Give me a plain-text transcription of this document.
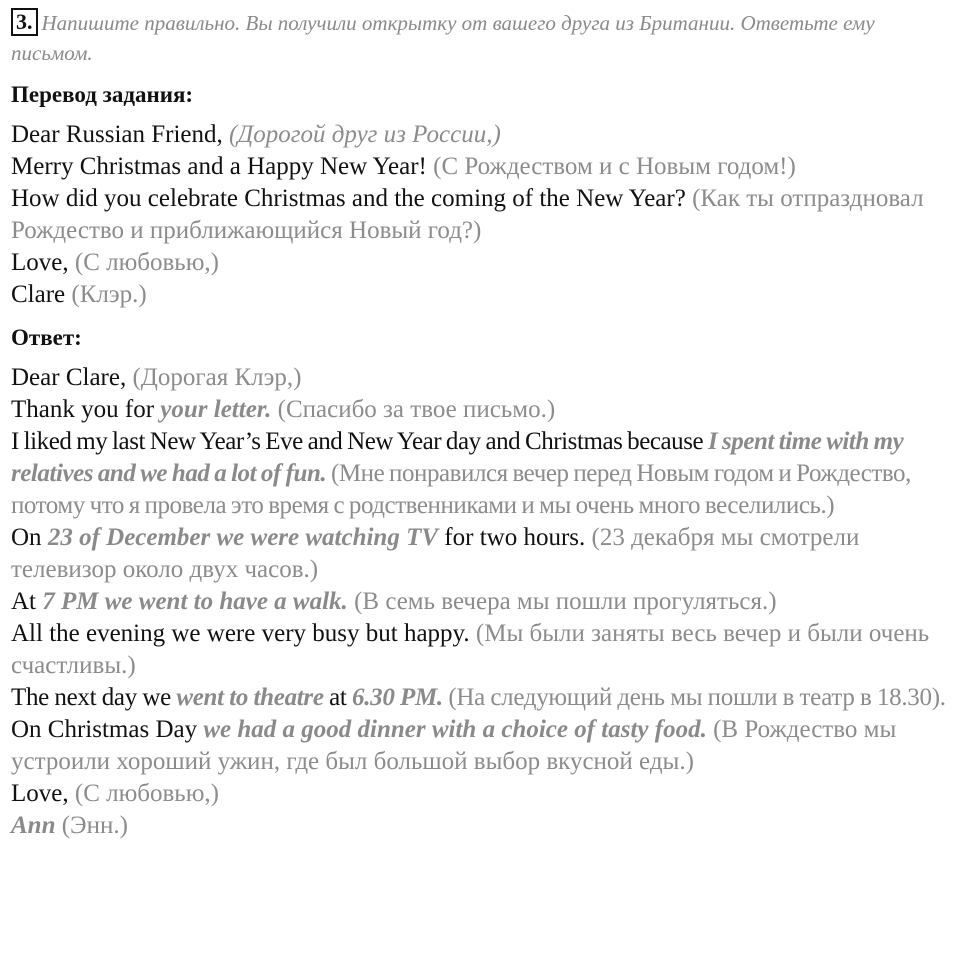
3. Напишите правильно. Вы получили открытку от вашего друга из Британии. Ответьте ему письмом.

Перевод задания:

Dear Russian Friend, (Дорогой друг из России,)

Merry Christmas and a Happy New Year! (С Рождеством и с Новым годом!)

How did you celebrate Christmas and the coming of the New Year? (Как ты отпраздновал Рождество и приближающийся Новый год?)

Love, (С любовью,)

Clare (Клэр.)

Ответ:

Dear Clare, (Дорогая Клэр,)

Thank you for your letter. (Спасибо за твое письмо.)

I liked my last New Year’s Eve and New Year day and Christmas because I spent time with my relatives and we had a lot of fun. (Мне понравился вечер перед Новым годом и Рождество, потому что я провела это время с родственниками и мы очень много веселились.)

On 23 of December we were watching TV for two hours. (23 декабря мы смотрели телевизор около двух часов.)

At 7 PM we went to have a walk. (В семь вечера мы пошли прогуляться.)

All the evening we were very busy but happy. (Мы были заняты весь вечер и были очень счастливы.)

The next day we went to theatre at 6.30 PM. (На следующий день мы пошли в театр в 18.30).

On Christmas Day we had a good dinner with a choice of tasty food. (В Рождество мы устроили хороший ужин, где был большой выбор вкусной еды.)

Love, (С любовью,)

Ann (Энн.)
